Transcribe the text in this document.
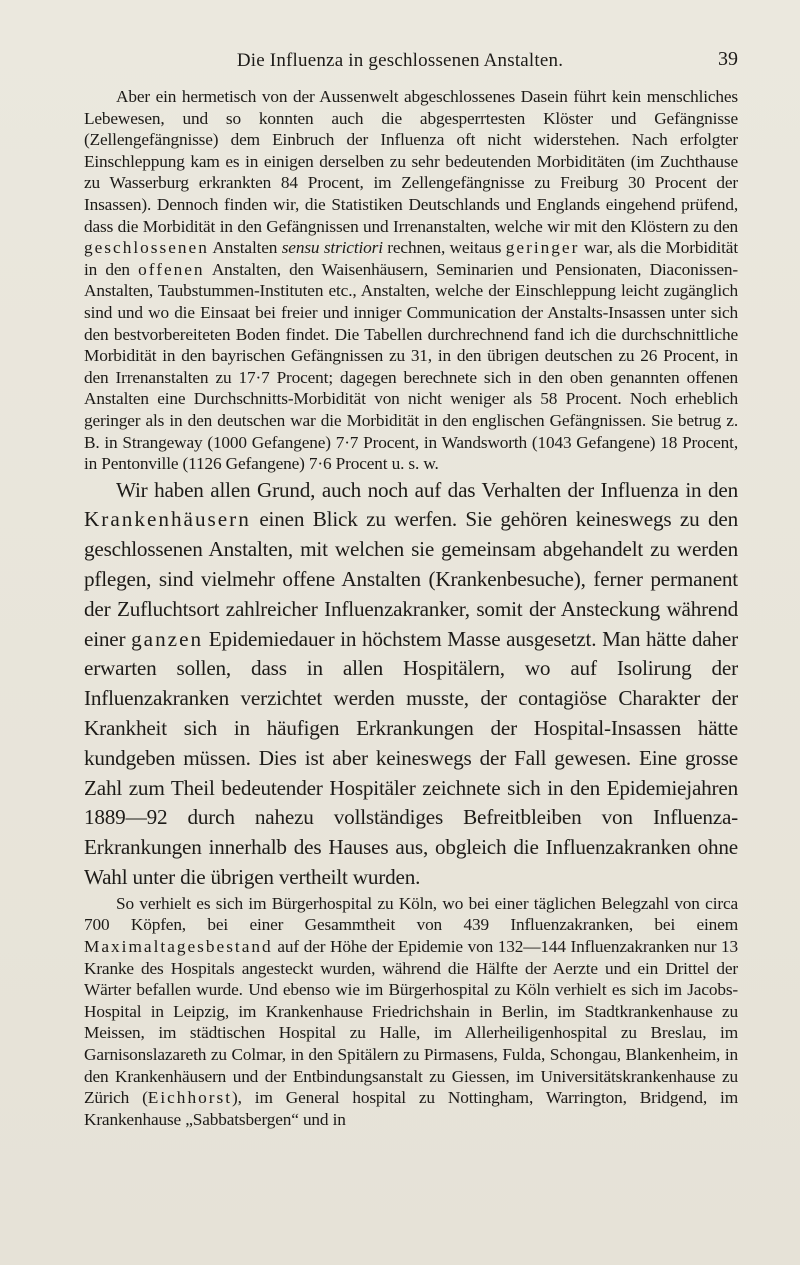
Die Influenza in geschlossenen Anstalten.	39

Aber ein hermetisch von der Aussenwelt abgeschlossenes Dasein führt kein menschliches Lebewesen, und so konnten auch die abgesperrtesten Klöster und Gefängnisse (Zellengefängnisse) dem Einbruch der Influenza oft nicht widerstehen. Nach erfolgter Einschleppung kam es in einigen derselben zu sehr bedeutenden Morbiditäten (im Zuchthause zu Wasserburg erkrankten 84 Procent, im Zellengefängnisse zu Freiburg 30 Procent der Insassen). Dennoch finden wir, die Statistiken Deutschlands und Englands eingehend prüfend, dass die Morbidität in den Gefängnissen und Irrenanstalten, welche wir mit den Klöstern zu den geschlossenen Anstalten sensu strictiori rechnen, weitaus geringer war, als die Morbidität in den offenen Anstalten, den Waisenhäusern, Seminarien und Pensionaten, Diaconissen-Anstalten, Taubstummen-Instituten etc., Anstalten, welche der Einschleppung leicht zugänglich sind und wo die Einsaat bei freier und inniger Communication der Anstalts-Insassen unter sich den bestvorbereiteten Boden findet. Die Tabellen durchrechnend fand ich die durchschnittliche Morbidität in den bayrischen Gefängnissen zu 31, in den übrigen deutschen zu 26 Procent, in den Irrenanstalten zu 17·7 Procent; dagegen berechnete sich in den oben genannten offenen Anstalten eine Durchschnitts-Morbidität von nicht weniger als 58 Procent. Noch erheblich geringer als in den deutschen war die Morbidität in den englischen Gefängnissen. Sie betrug z. B. in Strangeway (1000 Gefangene) 7·7 Procent, in Wandsworth (1043 Gefangene) 18 Procent, in Pentonville (1126 Gefangene) 7·6 Procent u. s. w.

Wir haben allen Grund, auch noch auf das Verhalten der Influenza in den Krankenhäusern einen Blick zu werfen. Sie gehören keineswegs zu den geschlossenen Anstalten, mit welchen sie gemeinsam abgehandelt zu werden pflegen, sind vielmehr offene Anstalten (Krankenbesuche), ferner permanent der Zufluchtsort zahlreicher Influenzakranker, somit der Ansteckung während einer ganzen Epidemiedauer in höchstem Masse ausgesetzt. Man hätte daher erwarten sollen, dass in allen Hospitälern, wo auf Isolirung der Influenzakranken verzichtet werden musste, der contagiöse Charakter der Krankheit sich in häufigen Erkrankungen der Hospital-Insassen hätte kundgeben müssen. Dies ist aber keineswegs der Fall gewesen. Eine grosse Zahl zum Theil bedeutender Hospitäler zeichnete sich in den Epidemiejahren 1889—92 durch nahezu vollständiges Befreitbleiben von Influenza-Erkrankungen innerhalb des Hauses aus, obgleich die Influenzakranken ohne Wahl unter die übrigen vertheilt wurden.

So verhielt es sich im Bürgerhospital zu Köln, wo bei einer täglichen Belegzahl von circa 700 Köpfen, bei einer Gesammtheit von 439 Influenzakranken, bei einem Maximaltagesbestand auf der Höhe der Epidemie von 132—144 Influenzakranken nur 13 Kranke des Hospitals angesteckt wurden, während die Hälfte der Aerzte und ein Drittel der Wärter befallen wurde. Und ebenso wie im Bürgerhospital zu Köln verhielt es sich im Jacobs-Hospital in Leipzig, im Krankenhause Friedrichshain in Berlin, im Stadtkrankenhause zu Meissen, im städtischen Hospital zu Halle, im Allerheiligenhospital zu Breslau, im Garnisonslazareth zu Colmar, in den Spitälern zu Pirmasens, Fulda, Schongau, Blankenheim, in den Krankenhäusern und der Entbindungsanstalt zu Giessen, im Universitätskrankenhause zu Zürich (Eichhorst), im General hospital zu Nottingham, Warrington, Bridgend, im Krankenhause „Sabbatsbergen“ und in
